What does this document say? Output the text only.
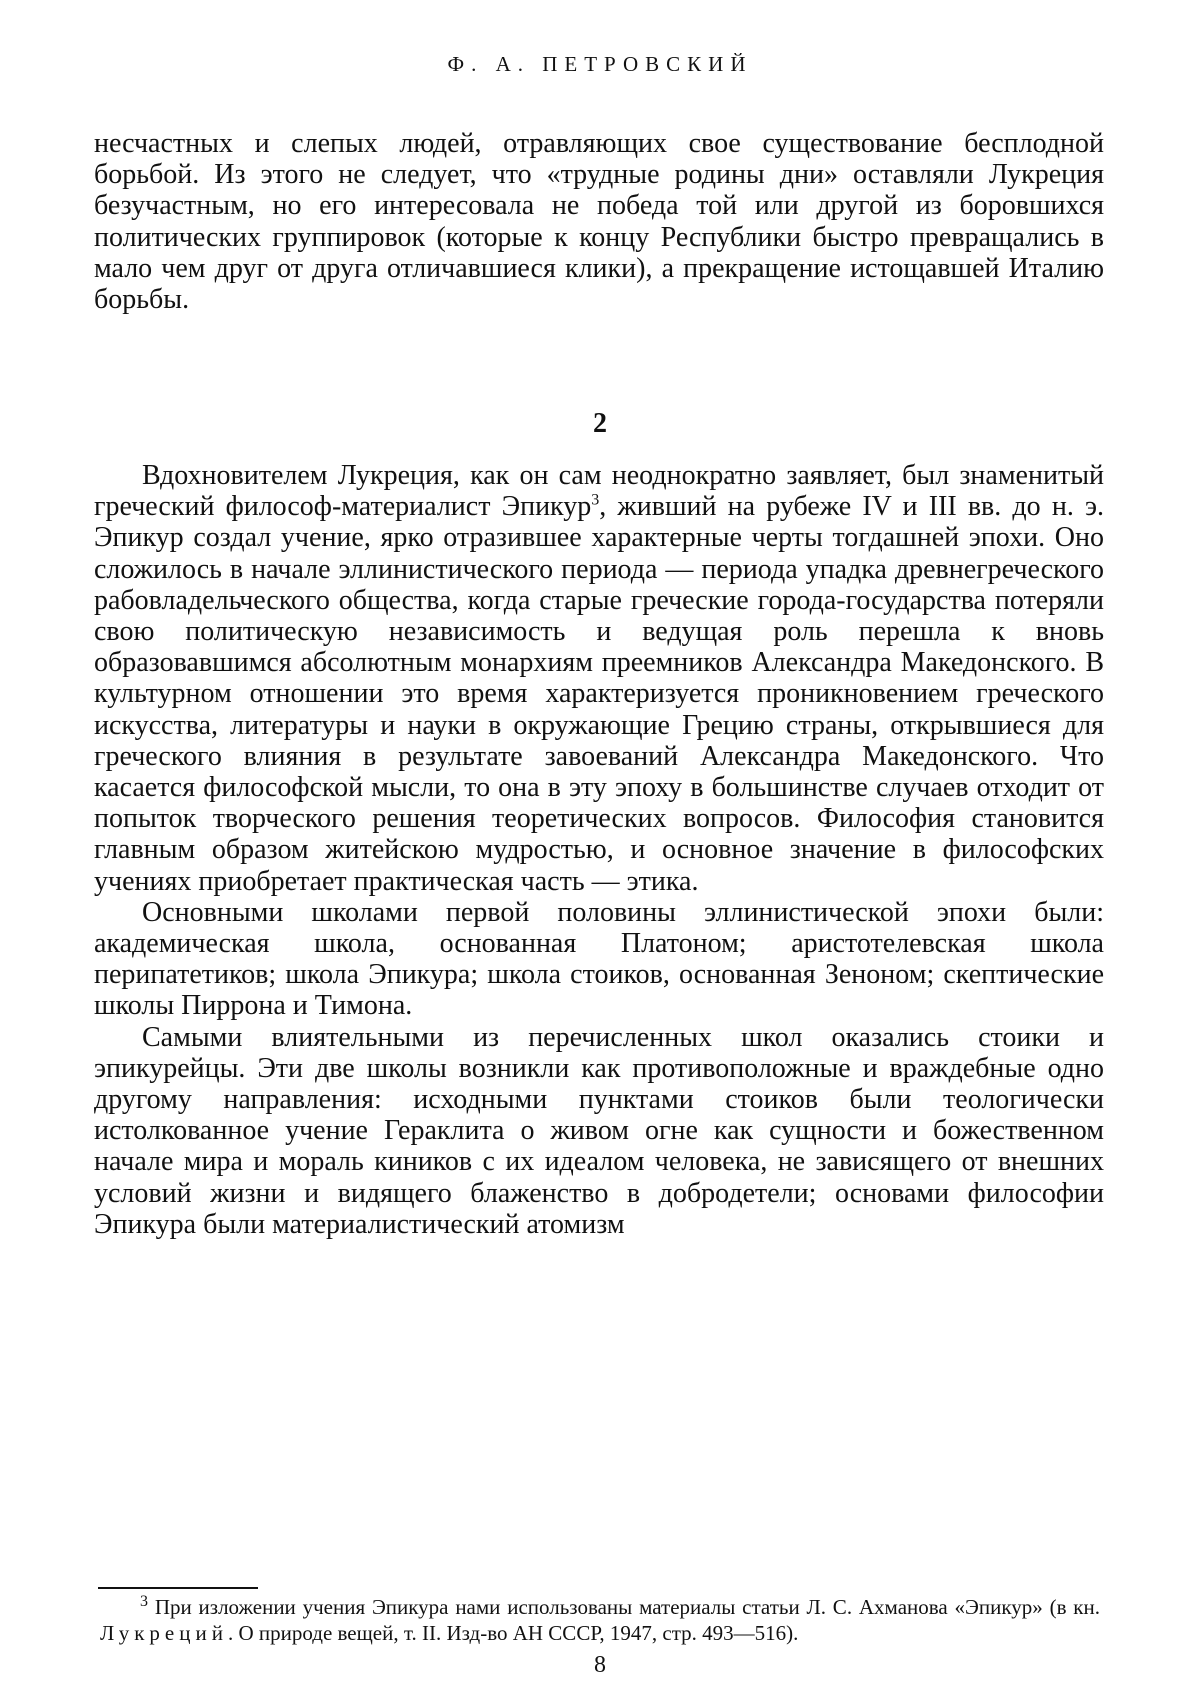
Ф. А. ПЕТРОВСКИЙ

несчастных и слепых людей, отравляющих свое существование бесплодной борьбой. Из этого не следует, что «трудные родины дни» оставляли Лукреция безучастным, но его интересовала не победа той или другой из боровшихся политических группировок (которые к концу Республики быстро превращались в мало чем друг от друга отличавшиеся клики), а прекращение истощавшей Италию борьбы.

2

Вдохновителем Лукреция, как он сам неоднократно заявляет, был знаменитый греческий философ-материалист Эпикур$^3$, живший на рубеже IV и III вв. до н. э. Эпикур создал учение, ярко отразившее характерные черты тогдашней эпохи. Оно сложилось в начале эллинистического периода — периода упадка древнегреческого рабовладельческого общества, когда старые греческие города-государства потеряли свою политическую независимость и ведущая роль перешла к вновь образовавшимся абсолютным монархиям преемников Александра Македонского. В культурном отношении это время характеризуется проникновением греческого искусства, литературы и науки в окружающие Грецию страны, открывшиеся для греческого влияния в результате завоеваний Александра Македонского. Что касается философской мысли, то она в эту эпоху в большинстве случаев отходит от попыток творческого решения теоретических вопросов. Философия становится главным образом житейскою мудростью, и основное значение в философских учениях приобретает практическая часть — этика.

Основными школами первой половины эллинистической эпохи были: академическая школа, основанная Платоном; аристотелевская школа перипатетиков; школа Эпикура; школа стоиков, основанная Зеноном; скептические школы Пиррона и Тимона.

Самыми влиятельными из перечисленных школ оказались стоики и эпикурейцы. Эти две школы возникли как противоположные и враждебные одно другому направления: исходными пунктами стоиков были теологически истолкованное учение Гераклита о живом огне как сущности и божественном начале мира и мораль киников с их идеалом человека, не зависящего от внешних условий жизни и видящего блаженство в добродетели; основами философии Эпикура были материалистический атомизм

$^3$ При изложении учения Эпикура нами использованы материалы статьи Л. С. Ахманова «Эпикур» (в кн. Лукреций. О природе вещей, т. II. Изд-во АН СССР, 1947, стр. 493—516).

8
